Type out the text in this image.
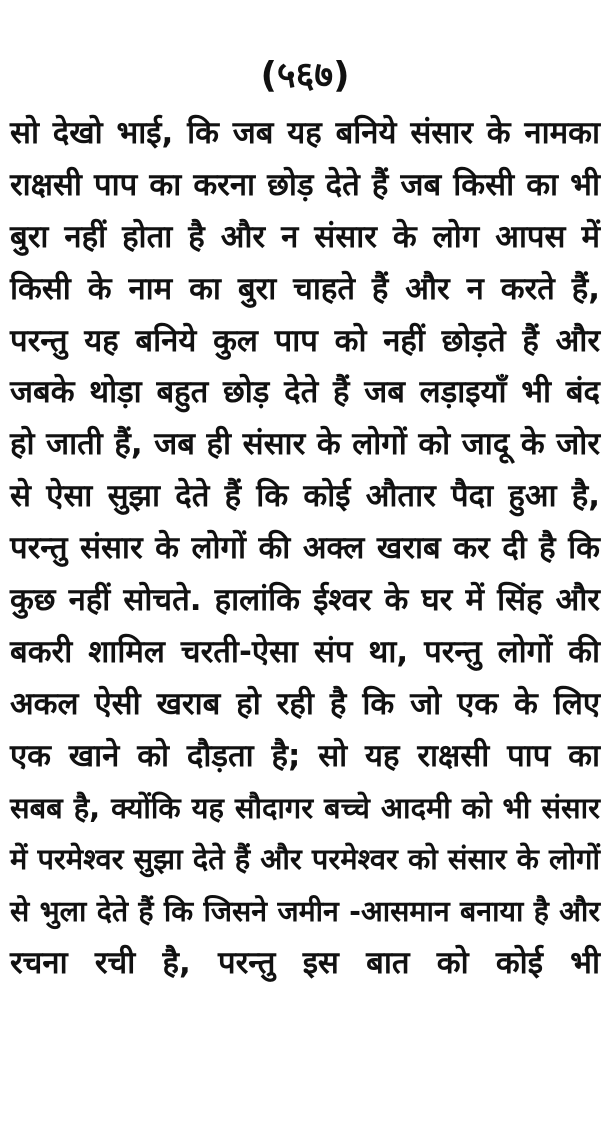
(५६७)
सो देखो भाई, कि जब यह बनिये संसार के नामका
राक्षसी पाप का करना छोड़ देते हैं जब किसी का भी
बुरा नहीं होता है और न संसार के लोग आपस में
किसी के नाम का बुरा चाहते हैं और न करते हैं,
परन्तु यह बनिये कुल पाप को नहीं छोड़ते हैं और
जबके थोड़ा बहुत छोड़ देते हैं जब लड़ाइयाँ भी बंद
हो जाती हैं, जब ही संसार के लोगों को जादू के जोर
से ऐसा सुझा देते हैं कि कोई औतार पैदा हुआ है,
परन्तु संसार के लोगों की अक्ल खराब कर दी है कि
कुछ नहीं सोचते. हालांकि ईश्वर के घर में सिंह और
बकरी शामिल चरती-ऐसा संप था, परन्तु लोगों की
अकल ऐसी खराब हो रही है कि जो एक के लिए
एक खाने को दौड़ता है; सो यह राक्षसी पाप का
सबब है, क्योंकि यह सौदागर बच्चे आदमी को भी संसार
में परमेश्वर सुझा देते हैं और परमेश्वर को संसार के लोगों
से भुला देते हैं कि जिसने जमीन -आसमान बनाया है और
रचना रची है, परन्तु इस बात को कोई भी
